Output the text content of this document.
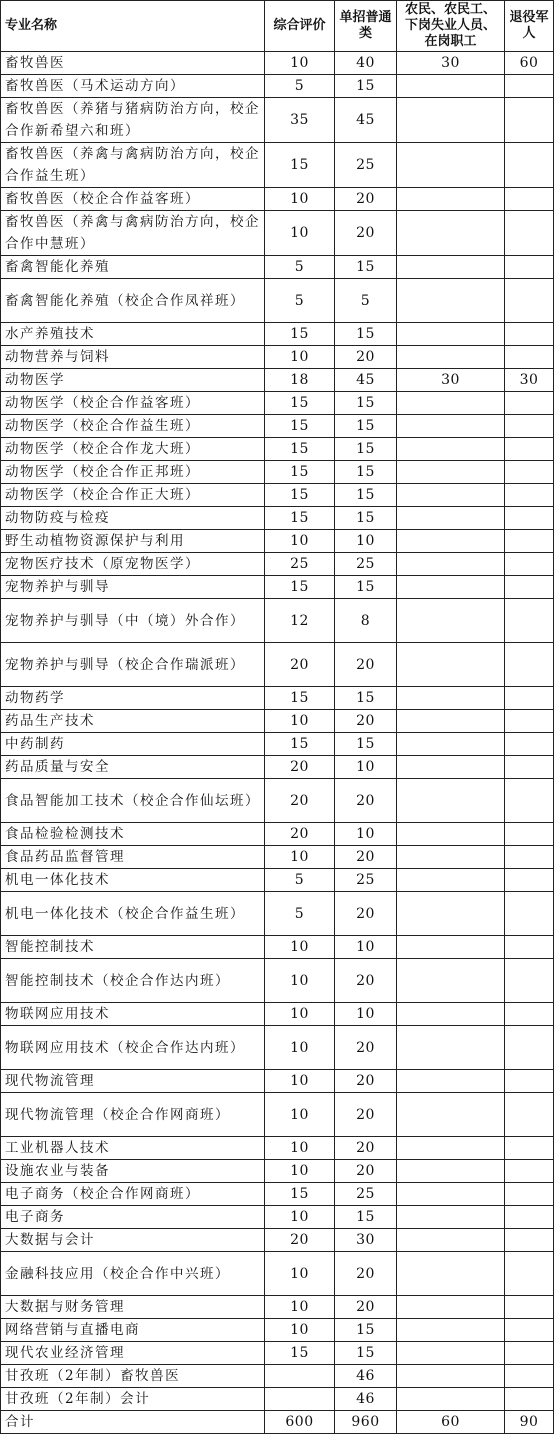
专业名称	综合评价	单招普通类	农民、农民工、下岗失业人员、在岗职工	退役军人
畜牧兽医	10	40	30	60
畜牧兽医（马术运动方向）	5	15		
畜牧兽医（养猪与猪病防治方向，校企合作新希望六和班）	35	45		
畜牧兽医（养禽与禽病防治方向，校企合作益生班）	15	25		
畜牧兽医（校企合作益客班）	10	20		
畜牧兽医（养禽与禽病防治方向，校企合作中慧班）	10	20		
畜禽智能化养殖	5	15		
畜禽智能化养殖（校企合作凤祥班）	5	5		
水产养殖技术	15	15		
动物营养与饲料	10	20		
动物医学	18	45	30	30
动物医学（校企合作益客班）	15	15		
动物医学（校企合作益生班）	15	15		
动物医学（校企合作龙大班）	15	15		
动物医学（校企合作正邦班）	15	15		
动物医学（校企合作正大班）	15	15		
动物防疫与检疫	15	15		
野生动植物资源保护与利用	10	10		
宠物医疗技术（原宠物医学）	25	25		
宠物养护与驯导	15	15		
宠物养护与驯导（中（境）外合作）	12	8		
宠物养护与驯导（校企合作瑞派班）	20	20		
动物药学	15	15		
药品生产技术	10	20		
中药制药	15	15		
药品质量与安全	20	10		
食品智能加工技术（校企合作仙坛班）	20	20		
食品检验检测技术	20	10		
食品药品监督管理	10	20		
机电一体化技术	5	25		
机电一体化技术（校企合作益生班）	5	20		
智能控制技术	10	10		
智能控制技术（校企合作达内班）	10	20		
物联网应用技术	10	10		
物联网应用技术（校企合作达内班）	10	20		
现代物流管理	10	20		
现代物流管理（校企合作网商班）	10	20		
工业机器人技术	10	20		
设施农业与装备	10	20		
电子商务（校企合作网商班）	15	25		
电子商务	10	15		
大数据与会计	20	30		
金融科技应用（校企合作中兴班）	10	20		
大数据与财务管理	10	20		
网络营销与直播电商	10	15		
现代农业经济管理	15	15		
甘孜班（2年制）畜牧兽医		46		
甘孜班（2年制）会计		46		
合计	600	960	60	90
